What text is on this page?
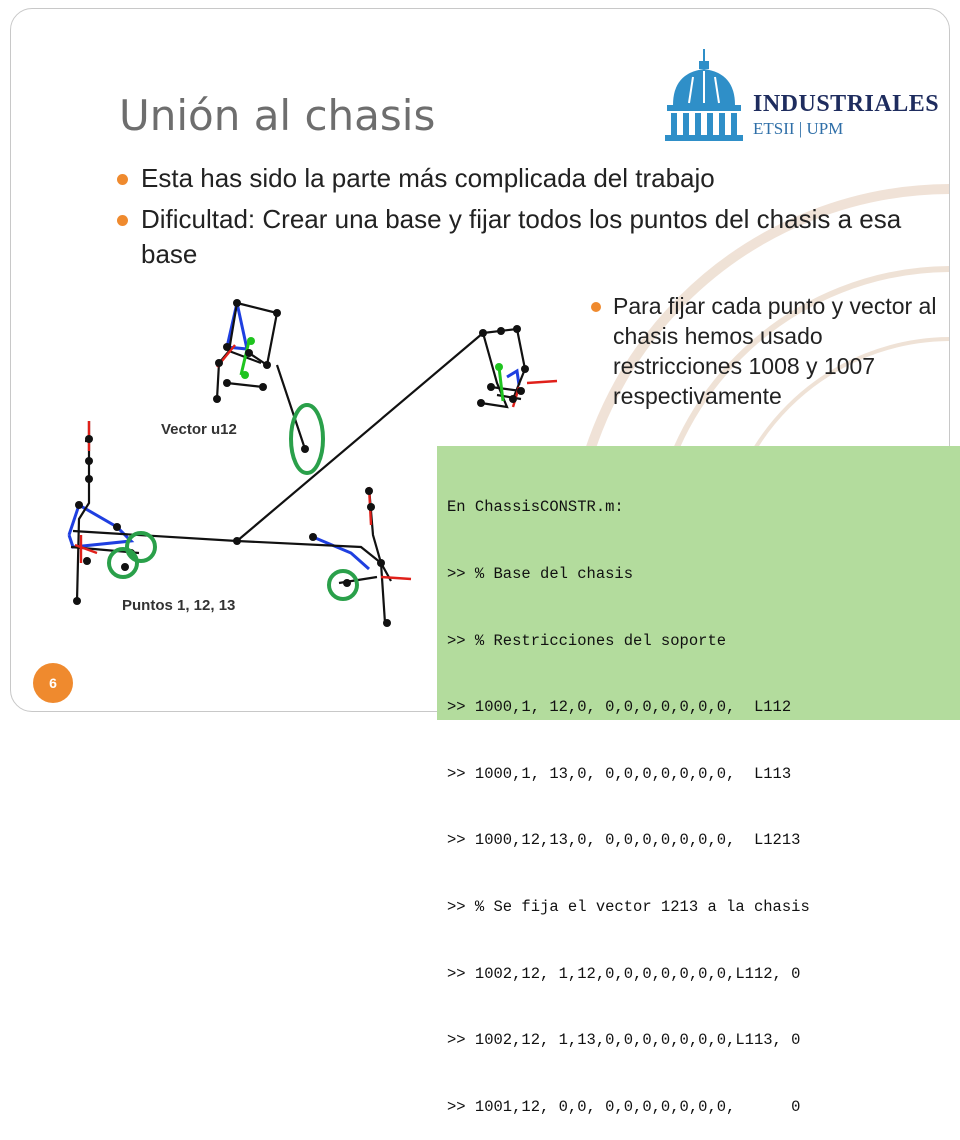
Unión al chasis	INDUSTRIALES
ETSII | UPM
Esta has sido la parte más complicada del trabajo
Dificultad: Crear una base y fijar todos los puntos del chasis a esa base
Para fijar cada punto y vector al chasis hemos usado restricciones 1008 y 1007 respectivamente
Vector u12
Puntos 1, 12, 13
6

En ChassisCONSTR.m:

>> % Base del chasis

>> % Restricciones del soporte

>> 1000,1, 12,0, 0,0,0,0,0,0,0,  L112

>> 1000,1, 13,0, 0,0,0,0,0,0,0,  L113

>> 1000,12,13,0, 0,0,0,0,0,0,0,  L1213

>> % Se fija el vector 1213 a la chasis

>> 1002,12, 1,12,0,0,0,0,0,0,0,L112, 0

>> 1002,12, 1,13,0,0,0,0,0,0,0,L113, 0

>> 1001,12, 0,0, 0,0,0,0,0,0,0,      0
